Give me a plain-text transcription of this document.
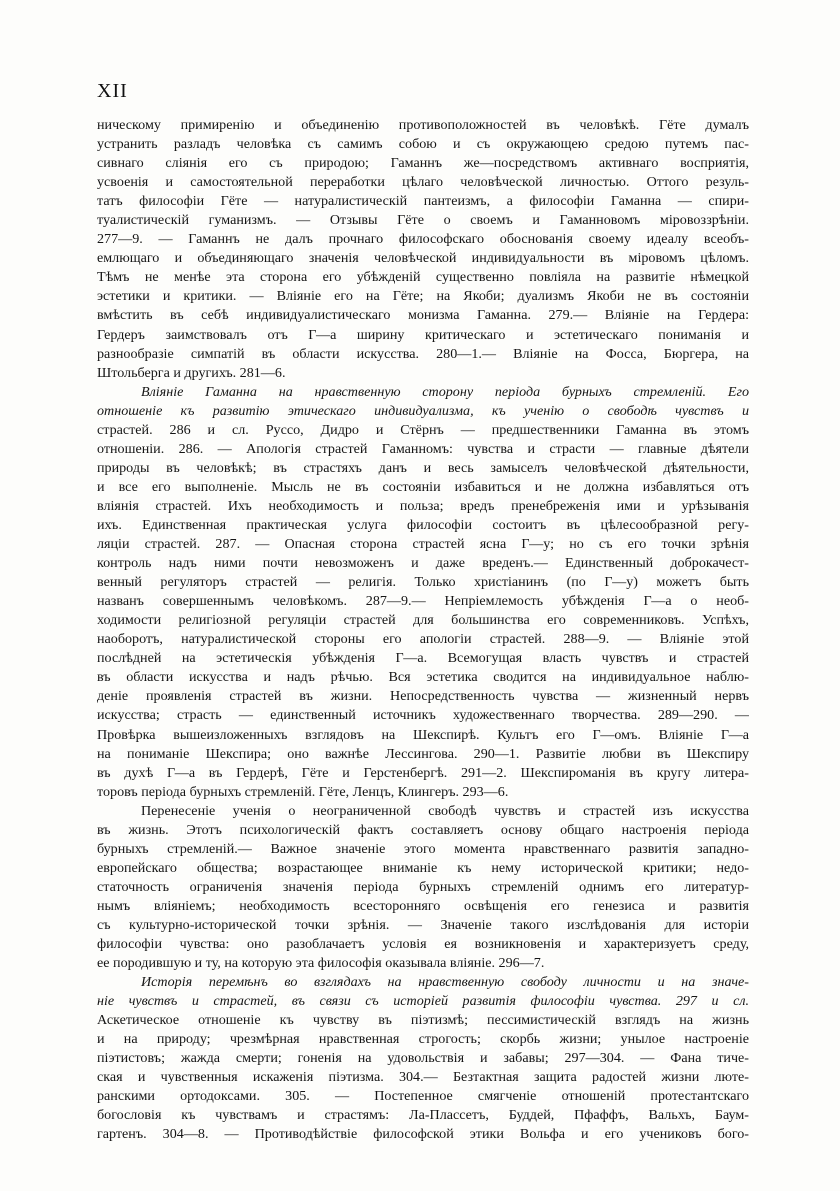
XII
ническому примиренію и объединенію противоположностей въ человѣкѣ. Гёте думалъ
устранить разладъ человѣка съ самимъ собою и съ окружающею средою путемъ пас-
сивнаго слiянія его съ природою; Гаманнъ же—посредствомъ активнаго восприятія,
усвоенія и самостоятельной переработки цѣлаго человѣческой личностью. Оттого резуль-
татъ философіи Гёте — натуралистическій пантеизмъ, а философіи Гаманна — спири-
туалистическій гуманизмъ. — Отзывы Гёте о своемъ и Гаманновомъ міровоззрѣніи.
277—9. — Гаманнъ не далъ прочнаго философскаго обоснованія своему идеалу всеобъ-
емлющаго и объединяющаго значенія человѣческой индивидуальности въ міровомъ цѣломъ.
Тѣмъ не менѣе эта сторона его убѣжденій существенно повліяла на развитіе нѣмецкой
эстетики и критики. — Вліяніе его на Гёте; на Якоби; дуализмъ Якоби не въ состояніи
вмѣстить въ себѣ индивидуалистическаго монизма Гаманна. 279.— Вліяніе на Гердера:
Гердеръ заимствовалъ отъ Г—а ширину критическаго и эстетическаго пониманія и
разнообразіе симпатій въ области искусства. 280—1.— Вліяніе на Фосса, Бюргера, на
Штольберга и другихъ. 281—6.
Вліяніе Гаманна на нравственную сторону періода бурныхъ стремленій. Его
отношеніе къ развитію этическаго индивидуализма, къ ученію о свободѣ чувствъ и
страстей. 286 и сл. Руссо, Дидро и Стёрнъ — предшественники Гаманна въ этомъ
отношеніи. 286. — Апологія страстей Гаманномъ: чувства и страсти — главные дѣятели
природы въ человѣкѣ; въ страстяхъ данъ и весь замыселъ человѣческой дѣятельности,
и все его выполненіе. Мысль не въ состояніи избавиться и не должна избавляться отъ
вліянія страстей. Ихъ необходимость и польза; вредъ пренебреженія ими и урѣзыванія
ихъ. Единственная практическая услуга философіи состоитъ въ цѣлесообразной регу-
ляціи страстей. 287. — Опасная сторона страстей ясна Г—у; но съ его точки зрѣнія
контроль надъ ними почти невозможенъ и даже вреденъ.— Единственный доброкачест-
венный регуляторъ страстей — религія. Только христіанинъ (по Г—у) можетъ быть
названъ совершеннымъ человѣкомъ. 287—9.— Непріемлемость убѣжденія Г—а о необ-
ходимости религіозной регуляціи страстей для большинства его современниковъ. Успѣхъ,
наоборотъ, натуралистической стороны его апологіи страстей. 288—9. — Вліяніе этой
послѣдней на эстетическія убѣжденія Г—а. Всемогущая власть чувствъ и страстей
въ области искусства и надъ рѣчью. Вся эстетика сводится на индивидуальное наблю-
деніе проявленія страстей въ жизни. Непосредственность чувства — жизненный нервъ
искусства; страсть — единственный источникъ художественнаго творчества. 289—290. —
Провѣрка вышеизложенныхъ взглядовъ на Шекспирѣ. Культъ его Г—омъ. Вліяніе Г—а
на пониманіе Шекспира; оно важнѣе Лессингова. 290—1. Развитіе любви въ Шекспиру
въ духѣ Г—а въ Гердерѣ, Гёте и Герстенбергѣ. 291—2. Шекспироманія въ кругу литера-
торовъ періода бурныхъ стремленій. Гёте, Ленцъ, Клингеръ. 293—6.
Перенесеніе ученія о неограниченной свободѣ чувствъ и страстей изъ искусства
въ жизнь. Этотъ психологическій фактъ составляетъ основу общаго настроенія періода
бурныхъ стремленій.— Важное значеніе этого момента нравственнаго развитія западно-
европейскаго общества; возрастающее вниманіе къ нему исторической критики; недо-
статочность ограниченія значенія періода бурныхъ стремленій однимъ его литератур-
нымъ вліяніемъ; необходимость всесторонняго освѣщенія его генезиса и развитія
съ культурно-исторической точки зрѣнія. — Значеніе такого изслѣдованія для исторіи
философіи чувства: оно разоблачаетъ условія ея возникновенія и характеризуетъ среду,
ее породившую и ту, на которую эта философія оказывала вліяніе. 296—7.
Исторія перемѣнъ во взглядахъ на нравственную свободу личности и на значе-
ніе чувствъ и страстей, въ связи съ исторіей развитія философіи чувства. 297 и сл.
Аскетическое отношеніе къ чувству въ піэтизмѣ; пессимистическій взглядъ на жизнь
и на природу; чрезмѣрная нравственная строгость; скорбь жизни; унылое настроеніе
піэтистовъ; жажда смерти; гоненія на удовольствія и забавы; 297—304. — Фана тиче-
ская и чувственныя искаженія піэтизма. 304.— Безтактная защита радостей жизни люте-
ранскими ортодоксами. 305. — Постепенное смягченіе отношеній протестантскаго
богословія къ чувствамъ и страстямъ: Ла-Плассетъ, Буддей, Пфаффъ, Вальхъ, Баум-
гартенъ. 304—8. — Противодѣйствіе философской этики Вольфа и его учениковъ бого-
